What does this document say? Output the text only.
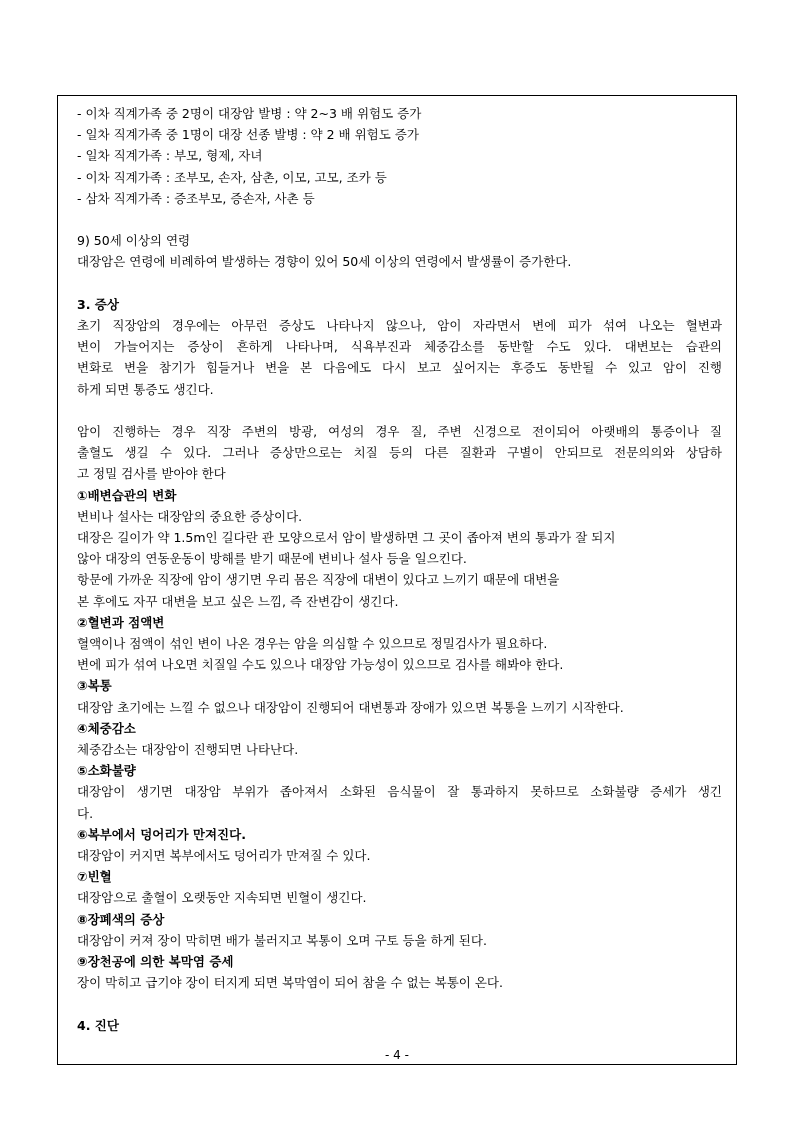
- 이차 직계가족 중 2명이 대장암 발병 : 약 2~3 배 위험도 증가
- 일차 직계가족 중 1명이 대장 선종 발병 : 약 2 배 위험도 증가
- 일차 직계가족 : 부모, 형제, 자녀
- 이차 직계가족 : 조부모, 손자, 삼촌, 이모, 고모, 조카 등
- 삼차 직계가족 : 증조부모, 증손자, 사촌 등
9) 50세 이상의 연령
대장암은 연령에 비례하여 발생하는 경향이 있어 50세 이상의 연령에서 발생률이 증가한다.
3. 증상
초기 직장암의 경우에는 아무런 증상도 나타나지 않으나, 암이 자라면서 변에 피가 섞여 나오는 혈변과
변이 가늘어지는 증상이 흔하게 나타나며, 식욕부진과 체중감소를 동반할 수도 있다. 대변보는 습관의
변화로 변을 참기가 힘들거나 변을 본 다음에도 다시 보고 싶어지는 후증도 동반될 수 있고 암이 진행
하게 되면 통증도 생긴다.
암이 진행하는 경우 직장 주변의 방광, 여성의 경우 질, 주변 신경으로 전이되어 아랫배의 통증이나 질
출혈도 생길 수 있다. 그러나 증상만으로는 치질 등의 다른 질환과 구별이 안되므로 전문의의와 상담하
고 정밀 검사를 받아야 한다
①배변습관의 변화
변비나 설사는 대장암의 중요한 증상이다.
대장은 길이가 약 1.5m인 길다란 관 모양으로서 암이 발생하면 그 곳이 좁아져 변의 통과가 잘 되지
않아 대장의 연동운동이 방해를 받기 때문에 변비나 설사 등을 일으킨다.
항문에 가까운 직장에 암이 생기면 우리 몸은 직장에 대변이 있다고 느끼기 때문에 대변을
본 후에도 자꾸 대변을 보고 싶은 느낌, 즉 잔변감이 생긴다.
②혈변과 점액변
혈액이나 점액이 섞인 변이 나온 경우는 암을 의심할 수 있으므로 정밀검사가 필요하다.
변에 피가 섞여 나오면 치질일 수도 있으나 대장암 가능성이 있으므로 검사를 해봐야 한다.
③복통
대장암 초기에는 느낄 수 없으나 대장암이 진행되어 대변통과 장애가 있으면 복통을 느끼기 시작한다.
④체중감소
체중감소는 대장암이 진행되면 나타난다.
⑤소화불량
대장암이 생기면 대장암 부위가 좁아져서 소화된 음식물이 잘 통과하지 못하므로 소화불량 증세가 생긴
다.
⑥복부에서 덩어리가 만져진다.
대장암이 커지면 복부에서도 덩어리가 만져질 수 있다.
⑦빈혈
대장암으로 출혈이 오랫동안 지속되면 빈혈이 생긴다.
⑧장폐색의 증상
대장암이 커져 장이 막히면 배가 불러지고 복통이 오며 구토 등을 하게 된다.
⑨장천공에 의한 복막염 증세
장이 막히고 급기야 장이 터지게 되면 복막염이 되어 참을 수 없는 복통이 온다.
4. 진단
- 4 -
